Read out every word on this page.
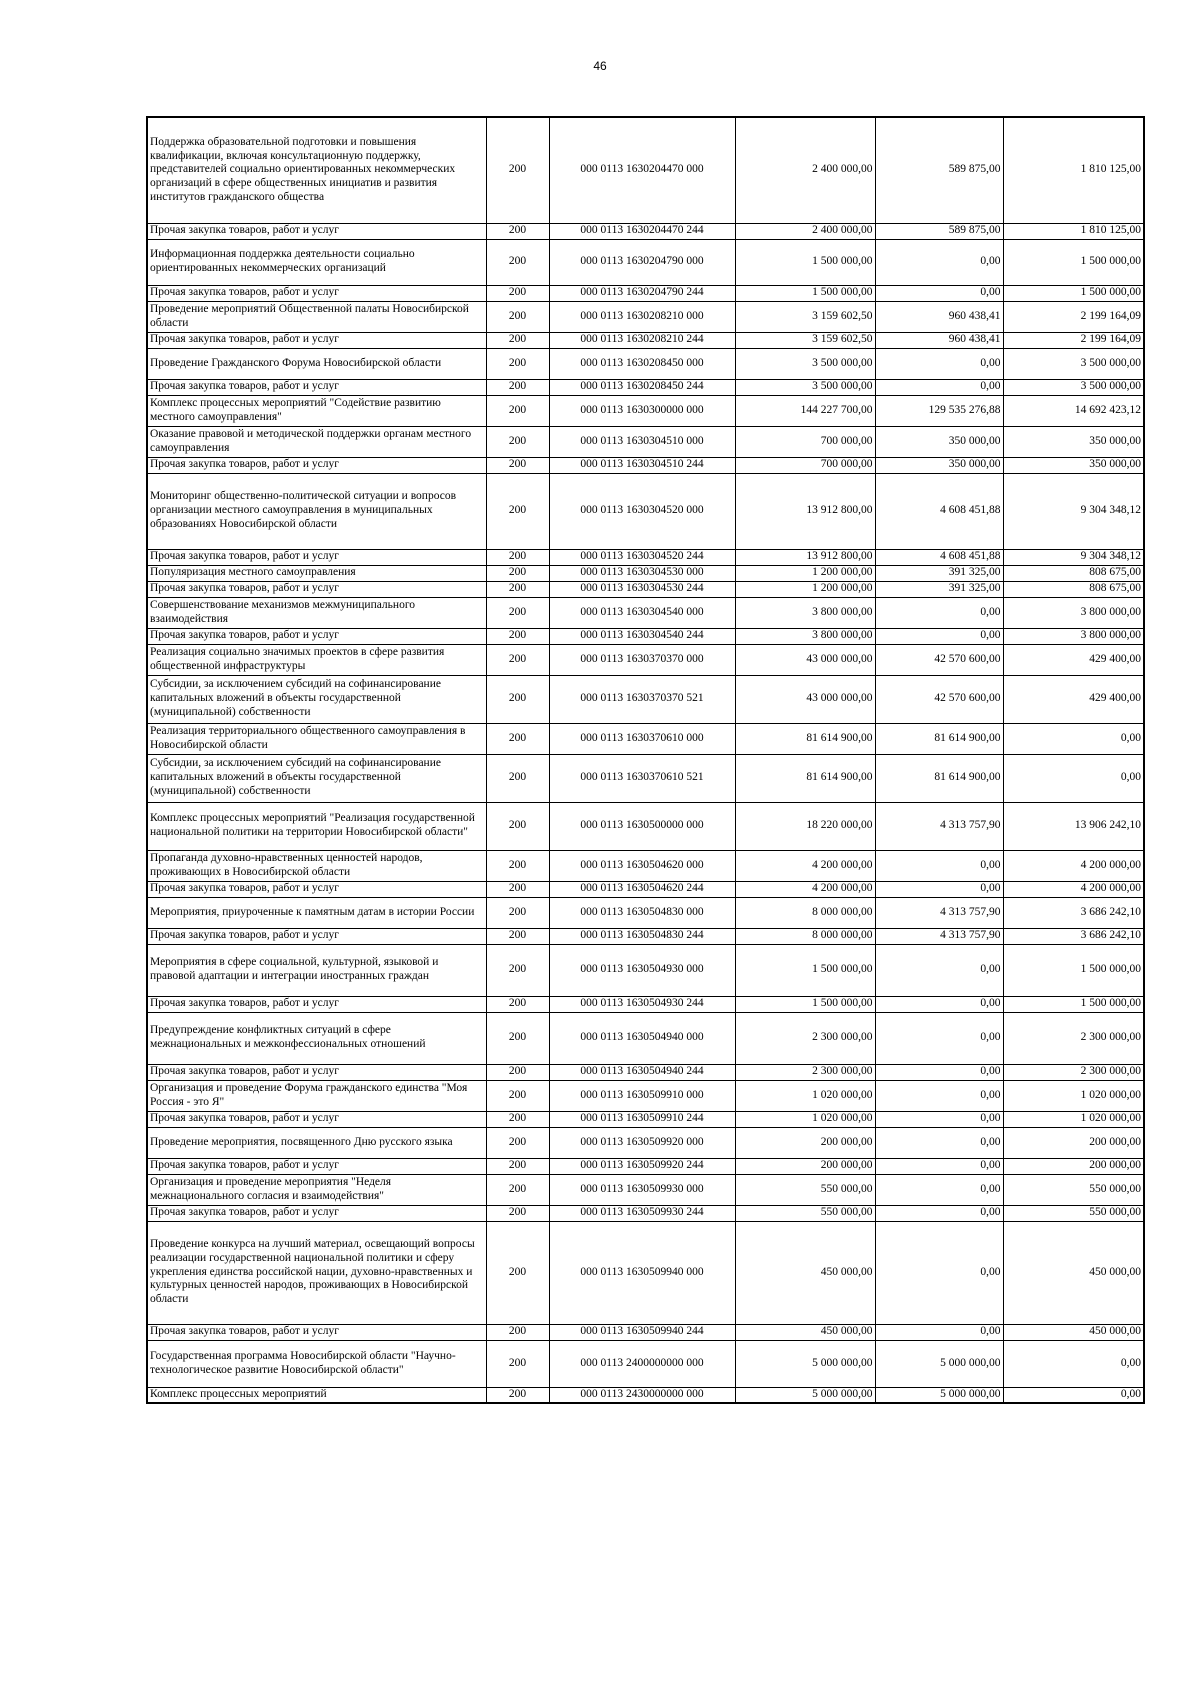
46
Поддержка образовательной подготовки и повышения квалификации, включая консультационную поддержку, представителей социально ориентированных некоммерческих организаций в сфере общественных инициатив и развития институтов гражданского общества	200	000 0113 1630204470 000	2 400 000,00	589 875,00	1 810 125,00
Прочая закупка товаров, работ и услуг	200	000 0113 1630204470 244	2 400 000,00	589 875,00	1 810 125,00
Информационная поддержка деятельности социально ориентированных некоммерческих организаций	200	000 0113 1630204790 000	1 500 000,00	0,00	1 500 000,00
Прочая закупка товаров, работ и услуг	200	000 0113 1630204790 244	1 500 000,00	0,00	1 500 000,00
Проведение мероприятий Общественной палаты Новосибирской области	200	000 0113 1630208210 000	3 159 602,50	960 438,41	2 199 164,09
Прочая закупка товаров, работ и услуг	200	000 0113 1630208210 244	3 159 602,50	960 438,41	2 199 164,09
Проведение Гражданского Форума Новосибирской области	200	000 0113 1630208450 000	3 500 000,00	0,00	3 500 000,00
Прочая закупка товаров, работ и услуг	200	000 0113 1630208450 244	3 500 000,00	0,00	3 500 000,00
Комплекс процессных мероприятий "Содействие развитию местного самоуправления"	200	000 0113 1630300000 000	144 227 700,00	129 535 276,88	14 692 423,12
Оказание правовой и методической поддержки органам местного самоуправления	200	000 0113 1630304510 000	700 000,00	350 000,00	350 000,00
Прочая закупка товаров, работ и услуг	200	000 0113 1630304510 244	700 000,00	350 000,00	350 000,00
Мониторинг общественно-политической ситуации и вопросов организации местного самоуправления в муниципальных образованиях Новосибирской области	200	000 0113 1630304520 000	13 912 800,00	4 608 451,88	9 304 348,12
Прочая закупка товаров, работ и услуг	200	000 0113 1630304520 244	13 912 800,00	4 608 451,88	9 304 348,12
Популяризация местного самоуправления	200	000 0113 1630304530 000	1 200 000,00	391 325,00	808 675,00
Прочая закупка товаров, работ и услуг	200	000 0113 1630304530 244	1 200 000,00	391 325,00	808 675,00
Совершенствование механизмов межмуниципального взаимодействия	200	000 0113 1630304540 000	3 800 000,00	0,00	3 800 000,00
Прочая закупка товаров, работ и услуг	200	000 0113 1630304540 244	3 800 000,00	0,00	3 800 000,00
Реализация социально значимых проектов в сфере развития общественной инфраструктуры	200	000 0113 1630370370 000	43 000 000,00	42 570 600,00	429 400,00
Субсидии, за исключением субсидий на софинансирование капитальных вложений в объекты государственной (муниципальной) собственности	200	000 0113 1630370370 521	43 000 000,00	42 570 600,00	429 400,00
Реализация территориального общественного самоуправления в Новосибирской области	200	000 0113 1630370610 000	81 614 900,00	81 614 900,00	0,00
Субсидии, за исключением субсидий на софинансирование капитальных вложений в объекты государственной (муниципальной) собственности	200	000 0113 1630370610 521	81 614 900,00	81 614 900,00	0,00
Комплекс процессных мероприятий "Реализация государственной национальной политики на территории Новосибирской области"	200	000 0113 1630500000 000	18 220 000,00	4 313 757,90	13 906 242,10
Пропаганда духовно-нравственных ценностей народов, проживающих в Новосибирской области	200	000 0113 1630504620 000	4 200 000,00	0,00	4 200 000,00
Прочая закупка товаров, работ и услуг	200	000 0113 1630504620 244	4 200 000,00	0,00	4 200 000,00
Мероприятия, приуроченные к памятным датам в истории России	200	000 0113 1630504830 000	8 000 000,00	4 313 757,90	3 686 242,10
Прочая закупка товаров, работ и услуг	200	000 0113 1630504830 244	8 000 000,00	4 313 757,90	3 686 242,10
Мероприятия в сфере социальной, культурной, языковой и правовой адаптации и интеграции иностранных граждан	200	000 0113 1630504930 000	1 500 000,00	0,00	1 500 000,00
Прочая закупка товаров, работ и услуг	200	000 0113 1630504930 244	1 500 000,00	0,00	1 500 000,00
Предупреждение конфликтных ситуаций в сфере межнациональных и межконфессиональных отношений	200	000 0113 1630504940 000	2 300 000,00	0,00	2 300 000,00
Прочая закупка товаров, работ и услуг	200	000 0113 1630504940 244	2 300 000,00	0,00	2 300 000,00
Организация и проведение Форума гражданского единства "Моя Россия - это Я"	200	000 0113 1630509910 000	1 020 000,00	0,00	1 020 000,00
Прочая закупка товаров, работ и услуг	200	000 0113 1630509910 244	1 020 000,00	0,00	1 020 000,00
Проведение мероприятия, посвященного Дню русского языка	200	000 0113 1630509920 000	200 000,00	0,00	200 000,00
Прочая закупка товаров, работ и услуг	200	000 0113 1630509920 244	200 000,00	0,00	200 000,00
Организация и проведение мероприятия "Неделя межнационального согласия и взаимодействия"	200	000 0113 1630509930 000	550 000,00	0,00	550 000,00
Прочая закупка товаров, работ и услуг	200	000 0113 1630509930 244	550 000,00	0,00	550 000,00
Проведение конкурса на лучший материал, освещающий вопросы реализации государственной национальной политики и сферу укрепления единства российской нации, духовно-нравственных и культурных ценностей народов, проживающих в Новосибирской области	200	000 0113 1630509940 000	450 000,00	0,00	450 000,00
Прочая закупка товаров, работ и услуг	200	000 0113 1630509940 244	450 000,00	0,00	450 000,00
Государственная программа Новосибирской области "Научно-технологическое развитие Новосибирской области"	200	000 0113 2400000000 000	5 000 000,00	5 000 000,00	0,00
Комплекс процессных мероприятий	200	000 0113 2430000000 000	5 000 000,00	5 000 000,00	0,00
